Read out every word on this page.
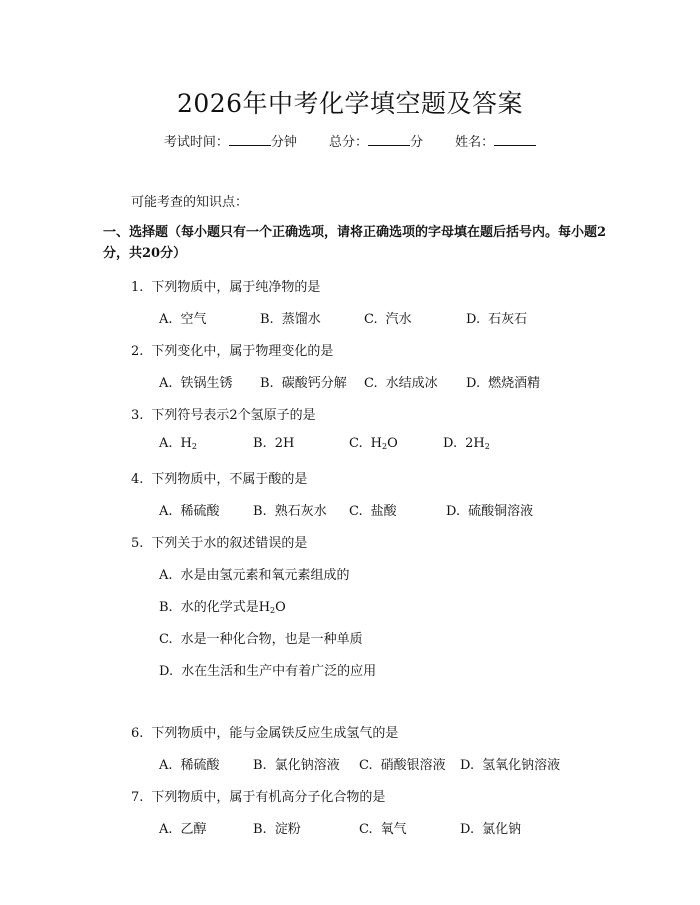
2026年中考化学填空题及答案
考试时间：	分钟 总分：	分 姓名：
可能考查的知识点：
一、选择题（每小题只有一个正确选项，请将正确选项的字母填在题后括号内。每小题2分，共20分）
1. 下列物质中，属于纯净物的是
A. 空气	B. 蒸馏水	C. 汽水	D. 石灰石
2. 下列变化中，属于物理变化的是
A. 铁锅生锈 B. 碳酸钙分解 C. 水结成冰 D. 燃烧酒精
3. 下列符号表示2个氢原子的是
A. $H_2$	B. 2H	C. $H_2O$	D. $2H_2$
4. 下列物质中，不属于酸的是
A. 稀硫酸	B. 熟石灰水 C. 盐酸	D. 硫酸铜溶液
5. 下列关于水的叙述错误的是
A. 水是由氢元素和氧元素组成的
B. 水的化学式是$H_2O$
C. 水是一种化合物，也是一种单质
D. 水在生活和生产中有着广泛的应用
6. 下列物质中，能与金属铁反应生成氢气的是
A. 稀硫酸	B. 氯化钠溶液 C. 硝酸银溶液 D. 氢氧化钠溶液
7. 下列物质中，属于有机高分子化合物的是
A. 乙醇	B. 淀粉	C. 氧气	D. 氯化钠
